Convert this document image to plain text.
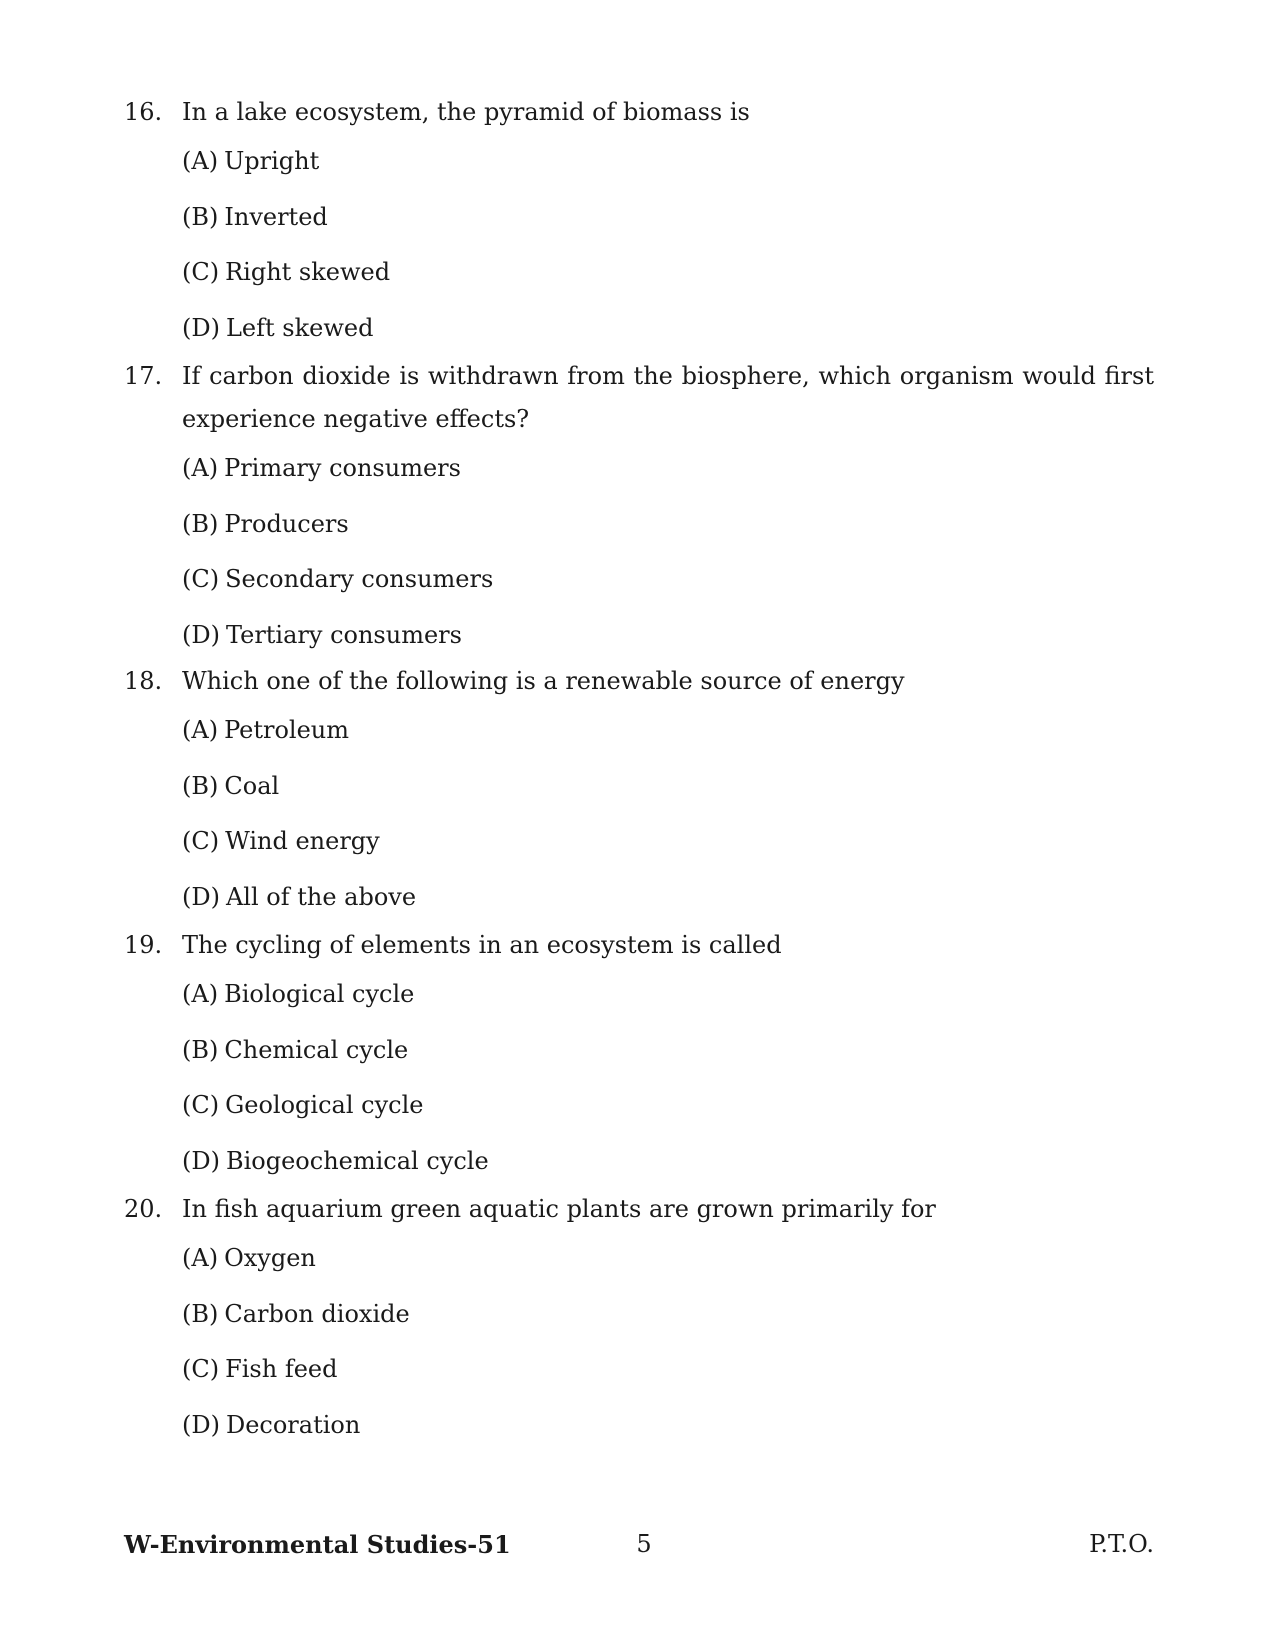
16. In a lake ecosystem, the pyramid of biomass is
(A) Upright
(B) Inverted
(C) Right skewed
(D) Left skewed
17. If carbon dioxide is withdrawn from the biosphere, which organism would first experience negative effects?
(A) Primary consumers
(B) Producers
(C) Secondary consumers
(D) Tertiary consumers
18. Which one of the following is a renewable source of energy
(A) Petroleum
(B) Coal
(C) Wind energy
(D) All of the above
19. The cycling of elements in an ecosystem is called
(A) Biological cycle
(B) Chemical cycle
(C) Geological cycle
(D) Biogeochemical cycle
20. In fish aquarium green aquatic plants are grown primarily for
(A) Oxygen
(B) Carbon dioxide
(C) Fish feed
(D) Decoration
W-Environmental Studies-51	5	P.T.O.
